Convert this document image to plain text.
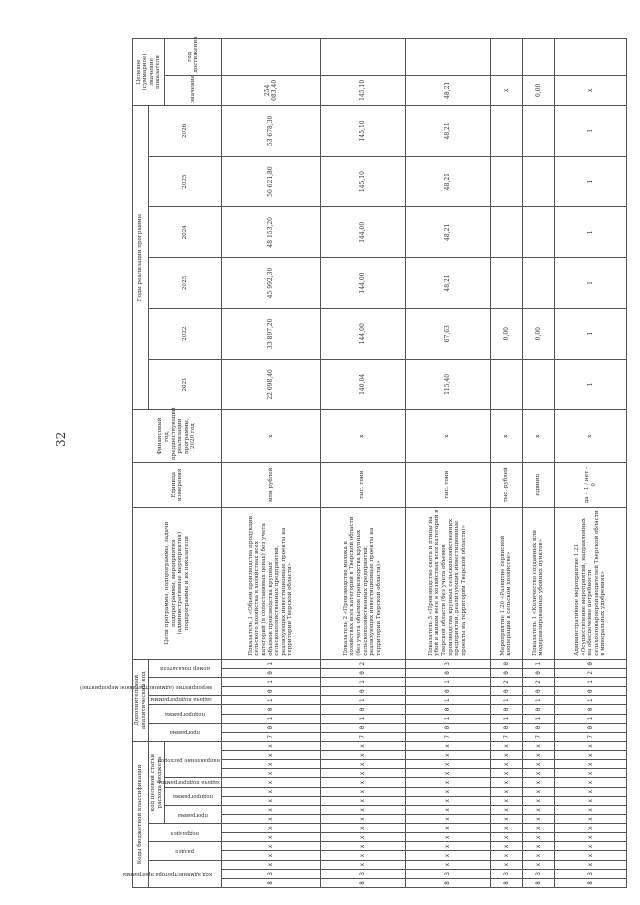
32
Коды бюджетной классификации																Дополнительный аналитический код									Цели программы, подпрограммы, задачи подпрограммы, мероприятия (административные мероприятия) подпрограммы и их показатели	Единица измерения	Финансовый год, предшествующий реализации программы, 2020 год	Годы реализации программы						Целевое (суммарное) значение показателя	

код администратора программы			раздел		подраздел		код целевой статьи расхода бюджета									программа		подпрограмма		задача подпрограммы	мероприятие (административное мероприятие)		номер показателя					2021	2022	2023	2024	2025	2026		

							программа		подпрограмма		задача подпрограммы	направление расходов																						значение	год достижения
8	3	x	x	x	x	x	x	x	x	x	x	x	x	x	x	7	0	1	0	1	0	1	0	1	Показатель 1 «Объем производства продукции сельского хозяйства в хозяйствах всех категорий (в сопоставимых ценах) без учета объемов производства крупных сельскохозяйственных предприятий, реализующих инвестиционные проекты на территории Тверской области»	млн рублей	x	22 098,40	33 897,20	45 992,30	48 153,20	50 621,80	53 678,30	254 083,40	
8	3	x	x	x	x	x	x	x	x	x	x	x	x	x	x	7	0	1	0	1	0	1	0	2	Показатель 2 «Производство молока в хозяйствах всех категорий в Тверской области (без учета объемов производства крупных сельскохозяйственных предприятий, реализующих инвестиционные проекты на территории Тверской области)»	тыс. тонн	x	140,04	144,00	144,00	144,00	145,10	145,10	145,10	
8	3	x	x	x	x	x	x	x	x	x	x	x	x	x	x	7	0	1	0	1	0	1	0	3	Показатель 3 «Производство скота и птицы на убой в живом весе в хозяйствах всех категорий в Тверской области (без учета объемов производства крупных сельскохозяйственных предприятий, реализующих инвестиционные проекты на территории Тверской области)»	тыс. тонн	x	115,40	67,63	48,21	48,21	48,21	48,21	48,21	
8	3	x	x	x	x	x	x	x	x	x	x	x	x	x	x	7	0	1	0	1	0	2	0	0	Мероприятие 1.20 «Развитие сервисной кооперации в сельском хозяйстве»	тыс. рублей	x		0,00					x	
8	3	x	x	x	x	x	x	x	x	x	x	x	x	x	x	7	0	1	0	1	0	2	0	1	Показатель 1 «Количество созданных или модернизированных убойных пунктов»	единиц	x		0,00					0,00	
8	3	x	x	x	x	x	x	x	x	x	x	x	x	x	x	7	0	1	0	1	0	1	2	0	Административное мероприятие 1.21 «Осуществление мероприятий, направленных на обеспечение потребности сельхозтоваропроизводителей Тверской области в минеральных удобрениях»	да – 1 / нет – 0	x	1	1	1	1	1	1	x	
